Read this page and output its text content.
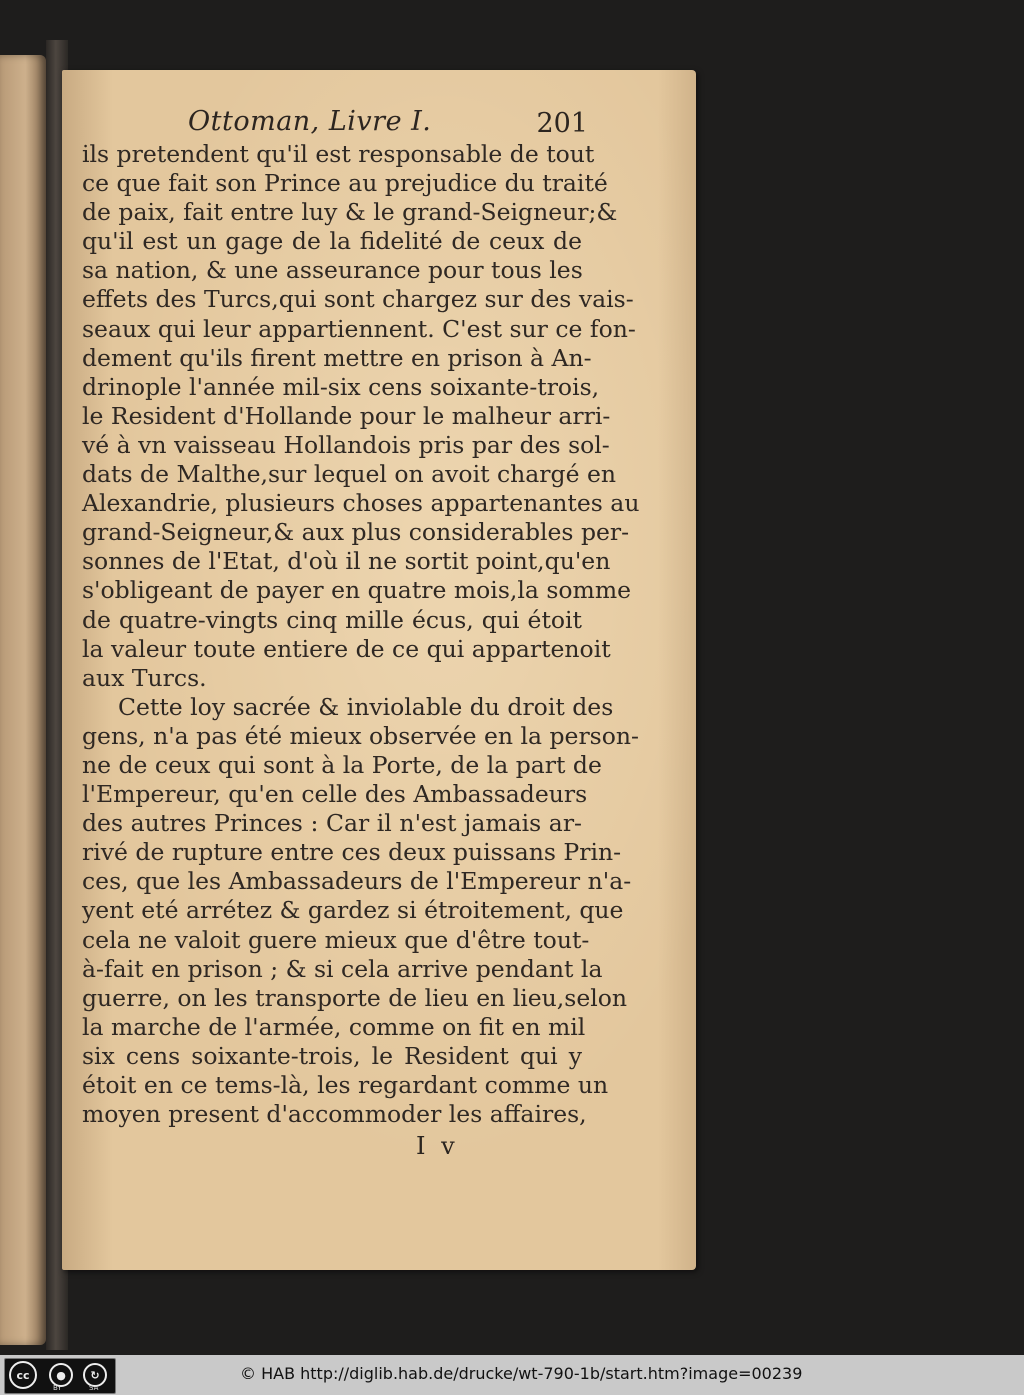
Ottoman, Livre I.	201
ils pretendent qu'il est responsable de tout
ce que fait son Prince au prejudice du traité
de paix, fait entre luy & le grand-Seigneur;&
qu'il est un gage de la fidelité de ceux de
sa nation, & une asseurance pour tous les
effets des Turcs,qui sont chargez sur des vais-
seaux qui leur appartiennent. C'est sur ce fon-
dement qu'ils firent mettre en prison à An-
drinople l'année mil-six cens soixante-trois,
le Resident d'Hollande pour le malheur arri-
vé à vn vaisseau Hollandois pris par des sol-
dats de Malthe,sur lequel on avoit chargé en
Alexandrie, plusieurs choses appartenantes au
grand-Seigneur,& aux plus considerables per-
sonnes de l'Etat, d'où il ne sortit point,qu'en
s'obligeant de payer en quatre mois,la somme
de quatre-vingts cinq mille écus, qui étoit
la valeur toute entiere de ce qui appartenoit
aux Turcs.
Cette loy sacrée & inviolable du droit des
gens, n'a pas été mieux observée en la person-
ne de ceux qui sont à la Porte, de la part de
l'Empereur, qu'en celle des Ambassadeurs
des autres Princes : Car il n'est jamais ar-
rivé de rupture entre ces deux puissans Prin-
ces, que les Ambassadeurs de l'Empereur n'a-
yent eté arrétez & gardez si étroitement, que
cela ne valoit guere mieux que d'être tout-
à-fait en prison ; & si cela arrive pendant la
guerre, on les transporte de lieu en lieu,selon
la marche de l'armée, comme on fit en mil
six cens soixante-trois, le Resident qui y
étoit en ce tems-là, les regardant comme un
moyen present d'accommoder les affaires,
I v
cc	●
BY
↻
SA
© HAB http://diglib.hab.de/drucke/wt-790-1b/start.htm?image=00239
